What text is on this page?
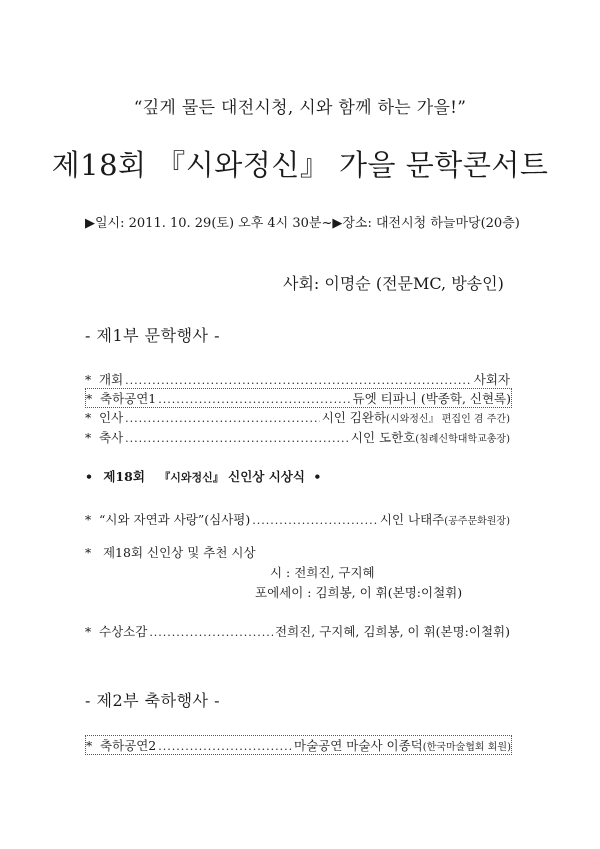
“깊게 물든 대전시청, 시와 함께 하는 가을!”
제18회 『시와정신』 가을 문학콘서트
▶일시: 2011. 10. 29(토) 오후 4시 30분~▶장소: 대전시청 하늘마당(20층)
사회: 이명순 (전문MC, 방송인)
- 제1부 문학행사 -
* 개회 .....	사회자
* 축하공연1 .....	듀엣 티파니 (박종학, 신현록)
* 인사 .....	시인 김완하 (시와정신』 편집인 겸 주간)
* 축사 .....	시인 도한호 (침례신학대학교총장)
• 제18회 『시와정신』 신인상 시상식 •
* “시와 자연과 사랑”(심사평) .....	시인 나태주 (공주문화원장)
* 제18회 신인상 및 추천 시상
시 : 전희진, 구지혜
포에세이 : 김희봉, 이 휘(본명:이철휘)
* 수상소감 .....	전희진, 구지혜, 김희봉, 이 휘(본명:이철휘)
- 제2부 축하행사 -
* 축하공연2 .....	마술공연 마술사 이종덕 (한국마술협회 회원)
